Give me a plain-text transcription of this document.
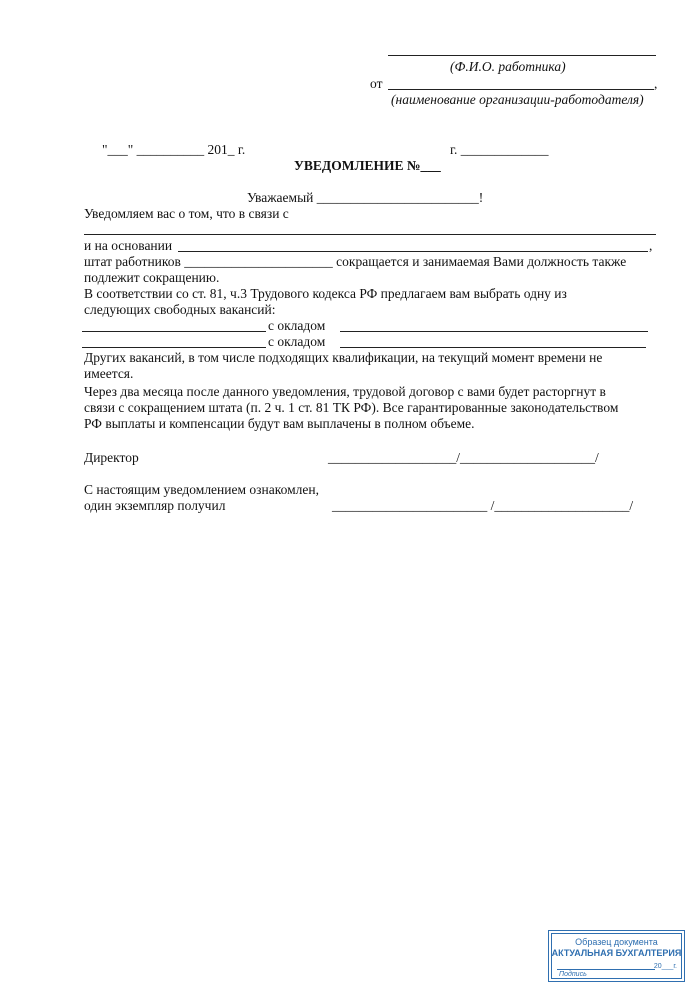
(Ф.И.О. работника)
от	,
(наименование организации-работодателя)
"___" __________ 201_ г.	г. _____________
УВЕДОМЛЕНИЕ №___
Уважаемый ________________________!
Уведомляем вас о том, что в связи с
и на основании	,
штат работников ______________________ сокращается и занимаемая Вами должность также
подлежит сокращению.
В соответствии со ст. 81, ч.3 Трудового кодекса РФ предлагаем вам выбрать одну из
следующих свободных вакансий:
с окладом
с окладом
Других вакансий, в том числе подходящих квалификации, на текущий момент времени не
имеется.
Через два месяца после данного уведомления, трудовой договор с вами будет расторгнут в
связи с сокращением штата (п. 2 ч. 1 ст. 81 ТК РФ). Все гарантированные законодательством
РФ выплаты и компенсации будут вам выплачены в полном объеме.
Директор	___________________/____________________/
С настоящим уведомлением ознакомлен,
один экземпляр получил	_______________________ /____________________/
Образец документа
АКТУАЛЬНАЯ БУХГАЛТЕРИЯ
20___г.
Подпись
